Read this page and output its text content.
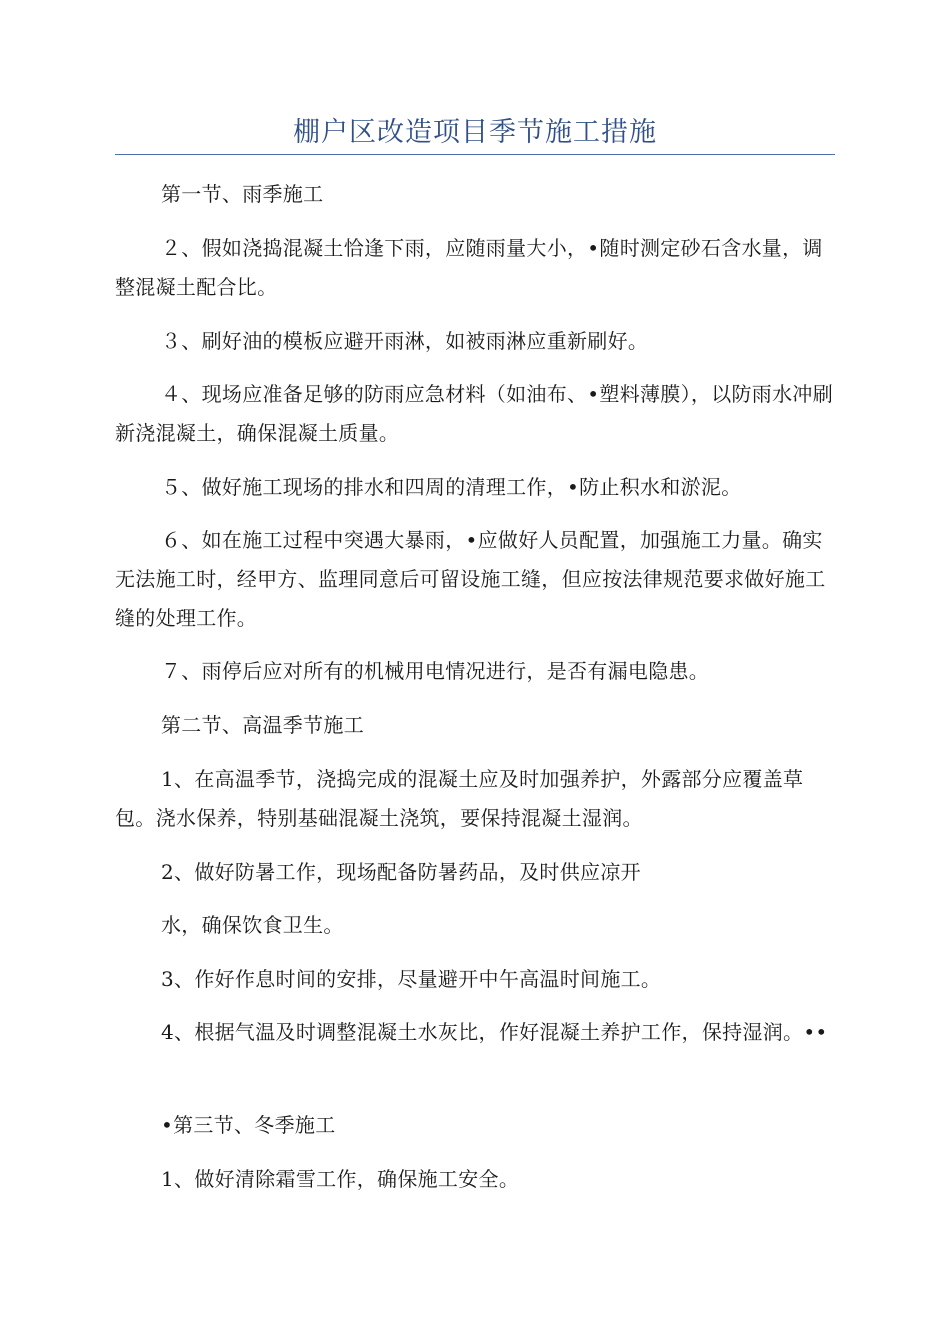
棚户区改造项目季节施工措施
第一节、雨季施工
２、假如浇捣混凝土恰逢下雨，应随雨量大小，•随时测定砂石含水量，调整混凝土配合比。
３、刷好油的模板应避开雨淋，如被雨淋应重新刷好。
４、现场应准备足够的防雨应急材料（如油布、•塑料薄膜），以防雨水冲刷新浇混凝土，确保混凝土质量。
５、做好施工现场的排水和四周的清理工作，•防止积水和淤泥。
６、如在施工过程中突遇大暴雨，•应做好人员配置，加强施工力量。确实无法施工时，经甲方、监理同意后可留设施工缝，但应按法律规范要求做好施工缝的处理工作。
７、雨停后应对所有的机械用电情况进行，是否有漏电隐患。
第二节、高温季节施工
1、在高温季节，浇捣完成的混凝土应及时加强养护，外露部分应覆盖草包。浇水保养，特别基础混凝土浇筑，要保持混凝土湿润。
2、做好防暑工作，现场配备防暑药品，及时供应凉开
水，确保饮食卫生。
3、作好作息时间的安排，尽量避开中午高温时间施工。
4、根据气温及时调整混凝土水灰比，作好混凝土养护工作，保持湿润。••
•第三节、冬季施工
1、做好清除霜雪工作，确保施工安全。
